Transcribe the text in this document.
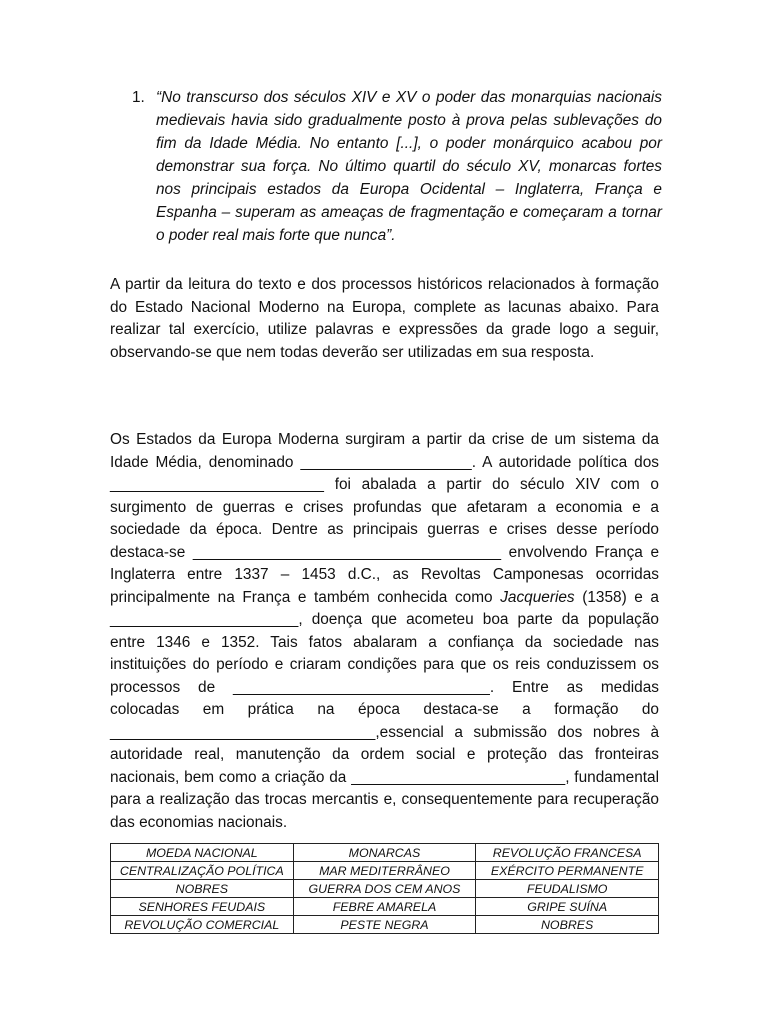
1. “No transcurso dos séculos XIV e XV o poder das monarquias nacionais medievais havia sido gradualmente posto à prova pelas sublevações do fim da Idade Média. No entanto [...], o poder monárquico acabou por demonstrar sua força. No último quartil do século XV, monarcas fortes nos principais estados da Europa Ocidental – Inglaterra, França e Espanha – superam as ameaças de fragmentação e começaram a tornar o poder real mais forte que nunca”.
A partir da leitura do texto e dos processos históricos relacionados à formação do Estado Nacional Moderno na Europa, complete as lacunas abaixo. Para realizar tal exercício, utilize palavras e expressões da grade logo a seguir, observando-se que nem todas deverão ser utilizadas em sua resposta.
Os Estados da Europa Moderna surgiram a partir da crise de um sistema da Idade Média, denominado ____________________. A autoridade política dos _________________________ foi abalada a partir do século XIV com o surgimento de guerras e crises profundas que afetaram a economia e a sociedade da época. Dentre as principais guerras e crises desse período destaca-se ____________________________________ envolvendo França e Inglaterra entre 1337 – 1453 d.C., as Revoltas Camponesas ocorridas principalmente na França e também conhecida como Jacqueries (1358) e a ______________________, doença que acometeu boa parte da população entre 1346 e 1352. Tais fatos abalaram a confiança da sociedade nas instituições do período e criaram condições para que os reis conduzissem os processos de ______________________________. Entre as medidas colocadas em prática na época destaca-se a formação do _______________________________,essencial a submissão dos nobres à autoridade real, manutenção da ordem social e proteção das fronteiras nacionais, bem como a criação da _________________________, fundamental para a realização das trocas mercantis e, consequentemente para recuperação das economias nacionais.
MOEDA NACIONAL	MONARCAS	REVOLUÇÃO FRANCESA
CENTRALIZAÇÃO POLÍTICA	MAR MEDITERRÂNEO	EXÉRCITO PERMANENTE
NOBRES	GUERRA DOS CEM ANOS	FEUDALISMO
SENHORES FEUDAIS	FEBRE AMARELA	GRIPE SUÍNA
REVOLUÇÃO COMERCIAL	PESTE NEGRA	NOBRES
